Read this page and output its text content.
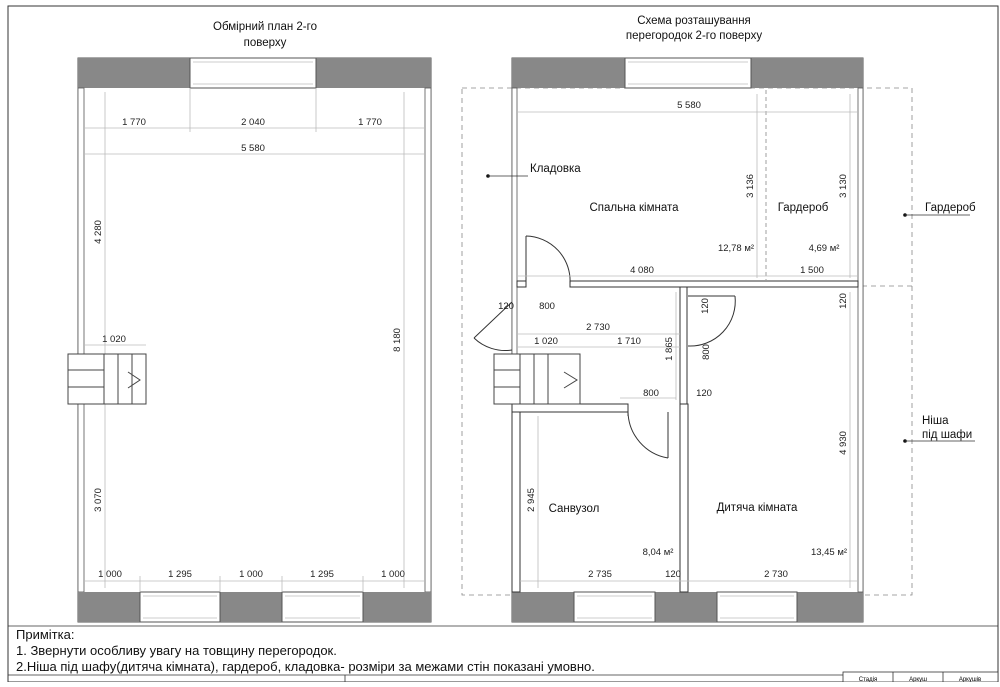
Обмірний план 2-го
поверху
1 770	2 040	1 770
5 580
4 280
3 070
8 180
1 020
1 000	1 295	1 000	1 295	1 000
Схема розташування
перегородок 2-го поверху
Спальна кімната
12,78 м²
Гардероб
4,69 м²
Санвузол
8,04 м²
Дитяча кімната
13,45 м²
Кладовка
Гардероб
Ніша
під шафи
5 580
3 136	3 130
4 080	1 500
120	800	120	120
2 730
800
1 020	1 710 1 865
800	120
4 930
2 945
2 735	120	2 730
Стадія	Аркуш	Аркушів
Примітка:
1. Звернути особливу увагу на товщину перегородок.
2.Ніша під шафу(дитяча кімната), гардероб, кладовка- розміри за межами стін показані умовно.
